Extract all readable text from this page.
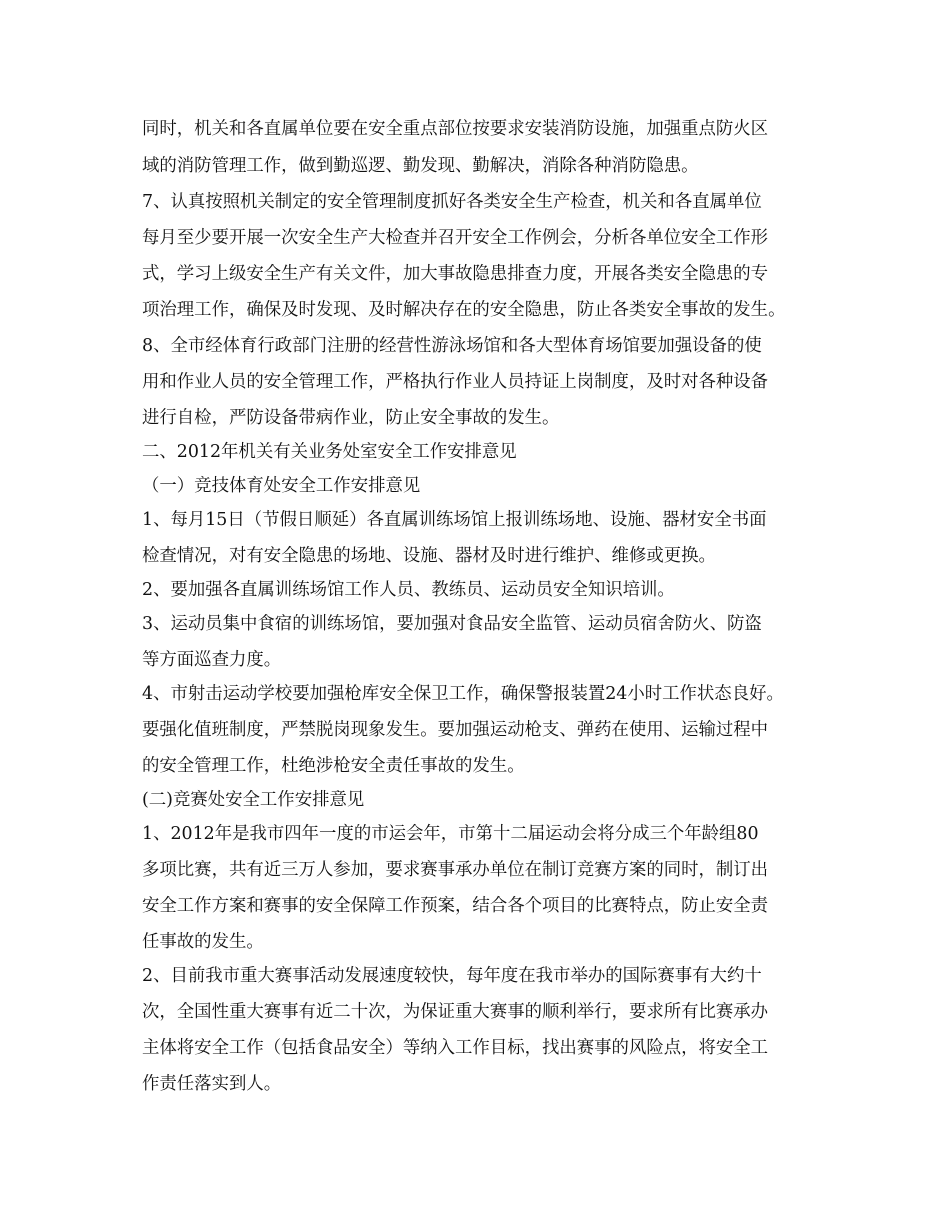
同时，机关和各直属单位要在安全重点部位按要求安装消防设施，加强重点防火区
域的消防管理工作，做到勤巡逻、勤发现、勤解决，消除各种消防隐患。
7、认真按照机关制定的安全管理制度抓好各类安全生产检查，机关和各直属单位
每月至少要开展一次安全生产大检查并召开安全工作例会，分析各单位安全工作形
式，学习上级安全生产有关文件，加大事故隐患排查力度，开展各类安全隐患的专
项治理工作，确保及时发现、及时解决存在的安全隐患，防止各类安全事故的发生。
8、全市经体育行政部门注册的经营性游泳场馆和各大型体育场馆要加强设备的使
用和作业人员的安全管理工作，严格执行作业人员持证上岗制度，及时对各种设备
进行自检，严防设备带病作业，防止安全事故的发生。
二、2012年机关有关业务处室安全工作安排意见
（一）竞技体育处安全工作安排意见
1、每月15日（节假日顺延）各直属训练场馆上报训练场地、设施、器材安全书面
检查情况，对有安全隐患的场地、设施、器材及时进行维护、维修或更换。
2、要加强各直属训练场馆工作人员、教练员、运动员安全知识培训。
3、运动员集中食宿的训练场馆，要加强对食品安全监管、运动员宿舍防火、防盗
等方面巡查力度。
4、市射击运动学校要加强枪库安全保卫工作，确保警报装置24小时工作状态良好。
要强化值班制度，严禁脱岗现象发生。要加强运动枪支、弹药在使用、运输过程中
的安全管理工作，杜绝涉枪安全责任事故的发生。
(二)竞赛处安全工作安排意见
1、2012年是我市四年一度的市运会年，市第十二届运动会将分成三个年龄组80
多项比赛，共有近三万人参加，要求赛事承办单位在制订竞赛方案的同时，制订出
安全工作方案和赛事的安全保障工作预案，结合各个项目的比赛特点，防止安全责
任事故的发生。
2、目前我市重大赛事活动发展速度较快，每年度在我市举办的国际赛事有大约十
次，全国性重大赛事有近二十次，为保证重大赛事的顺利举行，要求所有比赛承办
主体将安全工作（包括食品安全）等纳入工作目标，找出赛事的风险点，将安全工
作责任落实到人。
